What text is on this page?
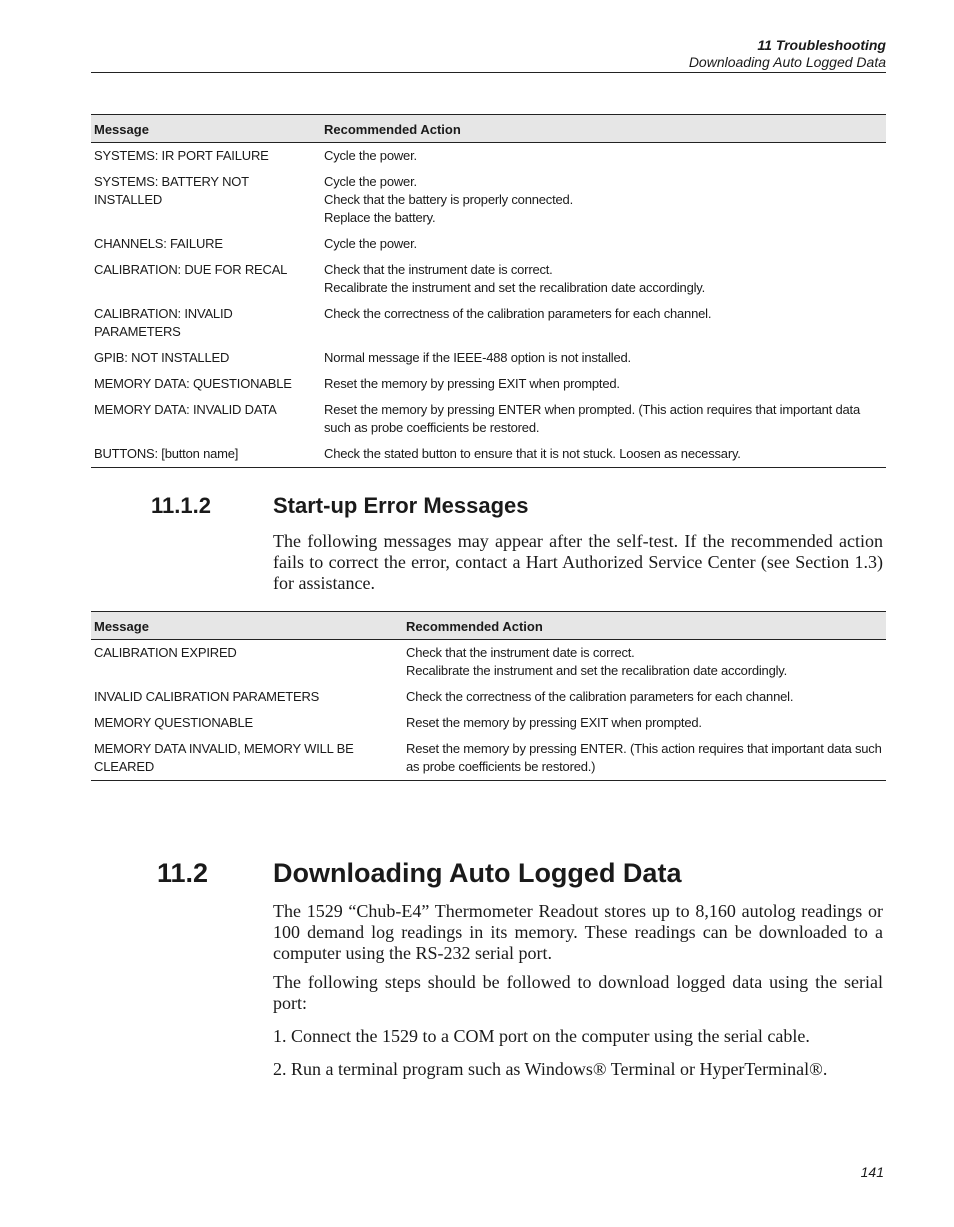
11 Troubleshooting
Downloading Auto Logged Data
Message	Recommended Action
SYSTEMS: IR PORT FAILURE	Cycle the power.

SYSTEMS: BATTERY NOT INSTALLED	Cycle the power.
Check that the battery is properly connected.
Replace the battery.

CHANNELS: FAILURE	Cycle the power.

CALIBRATION: DUE FOR RECAL	Check that the instrument date is correct.
Recalibrate the instrument and set the recalibration date accordingly.

CALIBRATION: INVALID PARAMETERS	Check the correctness of the calibration parameters for each channel.

GPIB: NOT INSTALLED	Normal message if the IEEE-488 option is not installed.

MEMORY DATA: QUESTIONABLE	Reset the memory by pressing EXIT when prompted.

MEMORY DATA: INVALID DATA	Reset the memory by pressing ENTER when prompted. (This action requires that important data such as probe coefficients be restored.

BUTTONS: [button name]	Check the stated button to ensure that it is not stuck. Loosen as necessary.
11.1.2	Start-up Error Messages

The following messages may appear after the self-test. If the recommended action fails to correct the error, contact a Hart Authorized Service Center (see Section 1.3) for assistance.

Message	Recommended Action
CALIBRATION EXPIRED	Check that the instrument date is correct.
Recalibrate the instrument and set the recalibration date accordingly.

INVALID CALIBRATION PARAMETERS	Check the correctness of the calibration parameters for each channel.

MEMORY QUESTIONABLE	Reset the memory by pressing EXIT when prompted.

MEMORY DATA INVALID, MEMORY WILL BE CLEARED	Reset the memory by pressing ENTER. (This action requires that important data such as probe coefficients be restored.)
11.2 Downloading Auto Logged Data

The 1529 “Chub-E4” Thermometer Readout stores up to 8,160 autolog readings or 100 demand log readings in its memory. These readings can be downloaded to a computer using the RS-232 serial port.

The following steps should be followed to download logged data using the serial port:

1. Connect the 1529 to a COM port on the computer using the serial cable.

2. Run a terminal program such as Windows® Terminal or HyperTerminal®.

141
